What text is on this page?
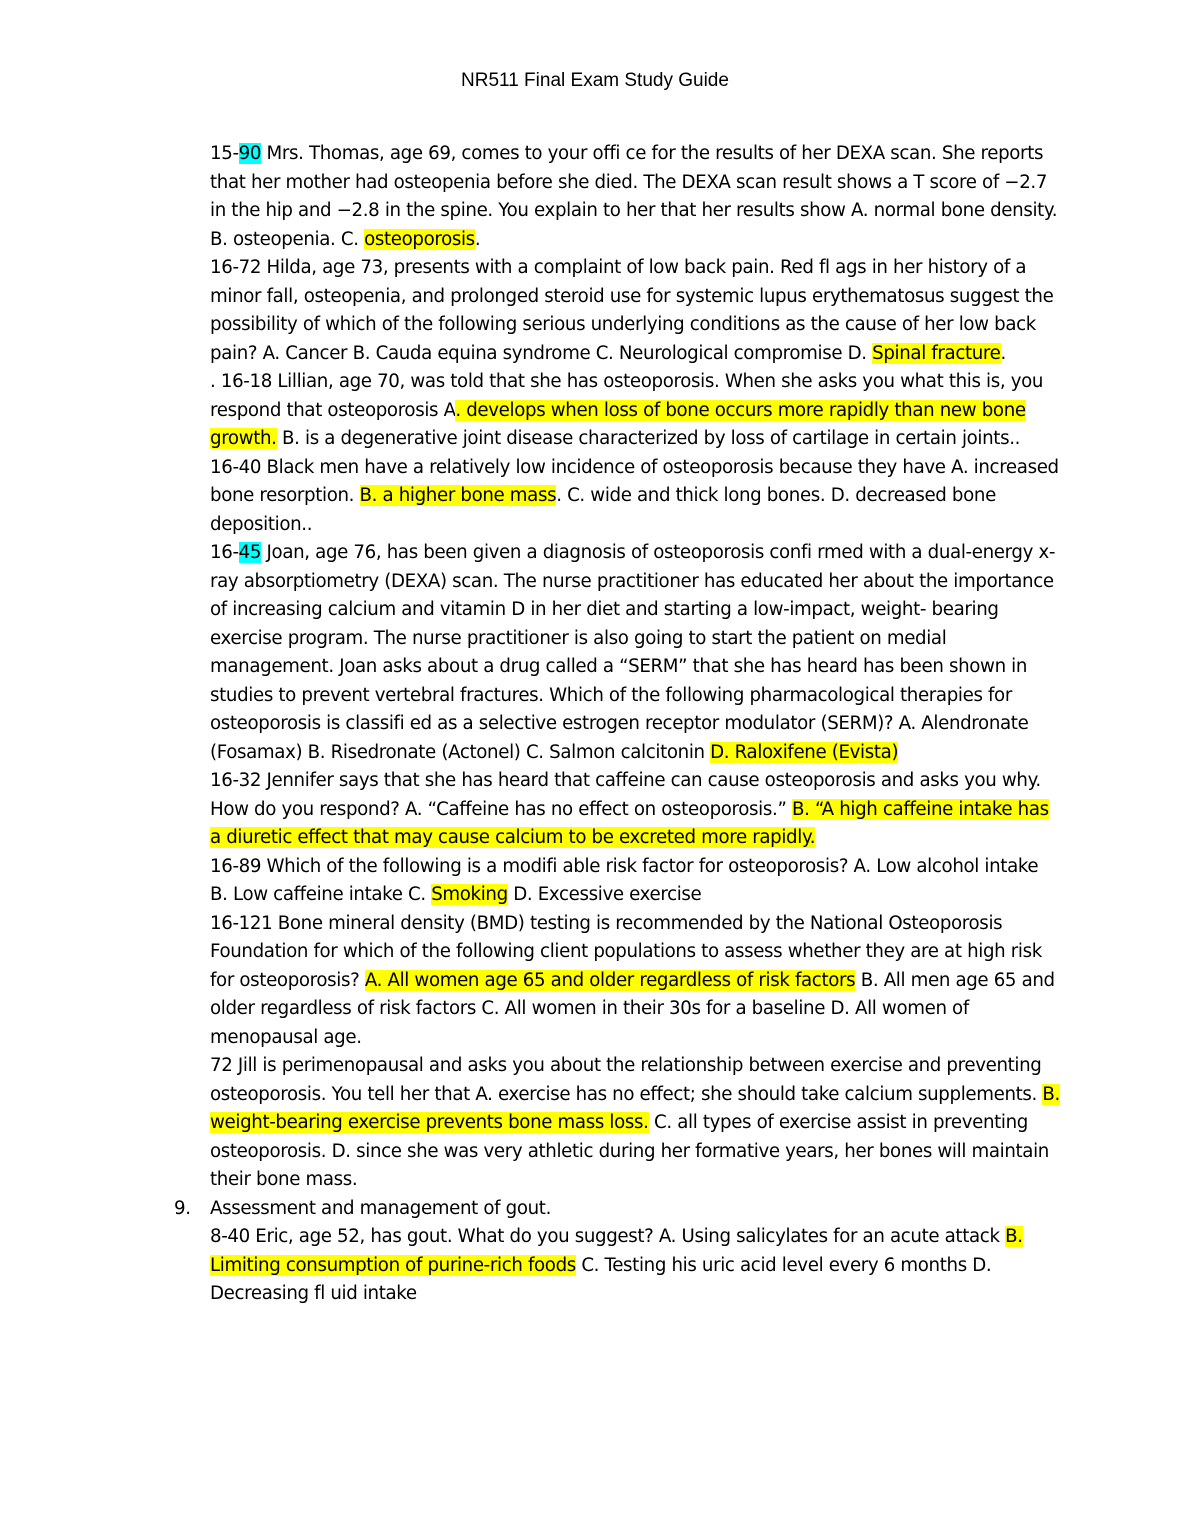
NR511 Final Exam Study Guide

15-90 Mrs. Thomas, age 69, comes to your offi ce for the results of her DEXA scan. She reports that her mother had osteopenia before she died. The DEXA scan result shows a T score of −2.7 in the hip and −2.8 in the spine. You explain to her that her results show A. normal bone density. B. osteopenia. C. osteoporosis.

16-72 Hilda, age 73, presents with a complaint of low back pain. Red fl ags in her history of a minor fall, osteopenia, and prolonged steroid use for systemic lupus erythematosus suggest the possibility of which of the following serious underlying conditions as the cause of her low back pain? A. Cancer B. Cauda equina syndrome C. Neurological compromise D. Spinal fracture.

. 16-18 Lillian, age 70, was told that she has osteoporosis. When she asks you what this is, you respond that osteoporosis A. develops when loss of bone occurs more rapidly than new bone growth. B. is a degenerative joint disease characterized by loss of cartilage in certain joints..

16-40 Black men have a relatively low incidence of osteoporosis because they have A. increased bone resorption. B. a higher bone mass. C. wide and thick long bones. D. decreased bone deposition..

16-45 Joan, age 76, has been given a diagnosis of osteoporosis confi rmed with a dual-energy x- ray absorptiometry (DEXA) scan. The nurse practitioner has educated her about the importance of increasing calcium and vitamin D in her diet and starting a low-impact, weight- bearing exercise program. The nurse practitioner is also going to start the patient on medial management. Joan asks about a drug called a “SERM” that she has heard has been shown in studies to prevent vertebral fractures. Which of the following pharmacological therapies for osteoporosis is classifi ed as a selective estrogen receptor modulator (SERM)? A. Alendronate (Fosamax) B. Risedronate (Actonel) C. Salmon calcitonin D. Raloxifene (Evista)

16-32 Jennifer says that she has heard that caffeine can cause osteoporosis and asks you why. How do you respond? A. “Caffeine has no effect on osteoporosis.” B. “A high caffeine intake has a diuretic effect that may cause calcium to be excreted more rapidly.

16-89 Which of the following is a modifi able risk factor for osteoporosis? A. Low alcohol intake B. Low caffeine intake C. Smoking D. Excessive exercise

16-121 Bone mineral density (BMD) testing is recommended by the National Osteoporosis Foundation for which of the following client populations to assess whether they are at high risk for osteoporosis? A. All women age 65 and older regardless of risk factors B. All men age 65 and older regardless of risk factors C. All women in their 30s for a baseline D. All women of menopausal age.

72 Jill is perimenopausal and asks you about the relationship between exercise and preventing osteoporosis. You tell her that A. exercise has no effect; she should take calcium supplements. B. weight-bearing exercise prevents bone mass loss. C. all types of exercise assist in preventing osteoporosis. D. since she was very athletic during her formative years, her bones will maintain their bone mass.

9. Assessment and management of gout.

8-40 Eric, age 52, has gout. What do you suggest? A. Using salicylates for an acute attack B. Limiting consumption of purine-rich foods C. Testing his uric acid level every 6 months D. Decreasing fl uid intake
